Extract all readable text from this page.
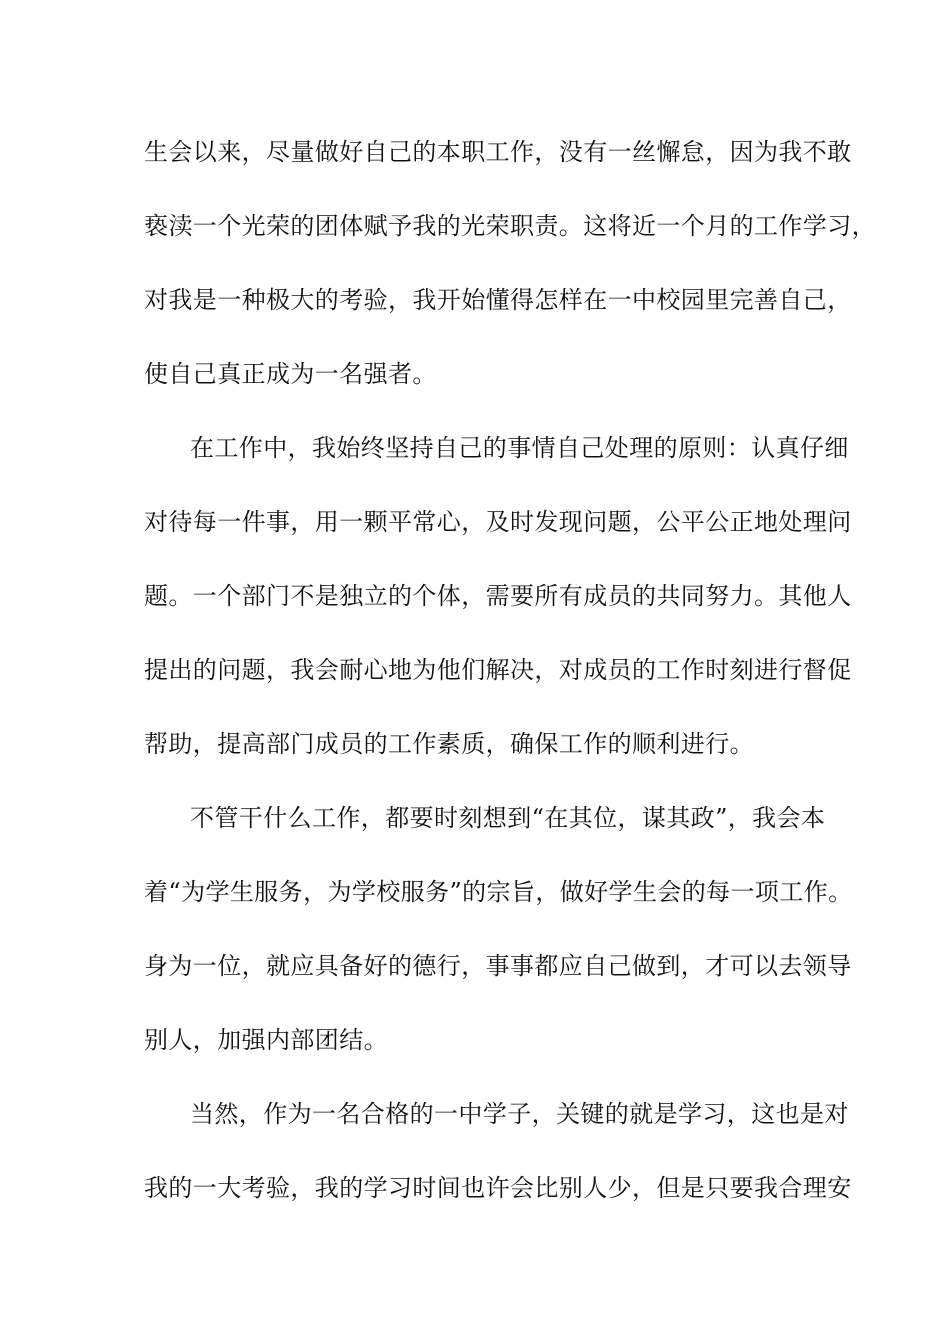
生会以来，尽量做好自己的本职工作，没有一丝懈怠，因为我不敢
亵渎一个光荣的团体赋予我的光荣职责。这将近一个月的工作学习，
对我是一种极大的考验，我开始懂得怎样在一中校园里完善自己，
使自己真正成为一名强者。
在工作中，我始终坚持自己的事情自己处理的原则：认真仔细
对待每一件事，用一颗平常心，及时发现问题，公平公正地处理问
题。一个部门不是独立的个体，需要所有成员的共同努力。其他人
提出的问题，我会耐心地为他们解决，对成员的工作时刻进行督促
帮助，提高部门成员的工作素质，确保工作的顺利进行。
不管干什么工作，都要时刻想到“在其位，谋其政”，我会本
着“为学生服务，为学校服务”的宗旨，做好学生会的每一项工作。
身为一位，就应具备好的德行，事事都应自己做到，才可以去领导
别人，加强内部团结。
当然，作为一名合格的一中学子，关键的就是学习，这也是对
我的一大考验，我的学习时间也许会比别人少，但是只要我合理安
